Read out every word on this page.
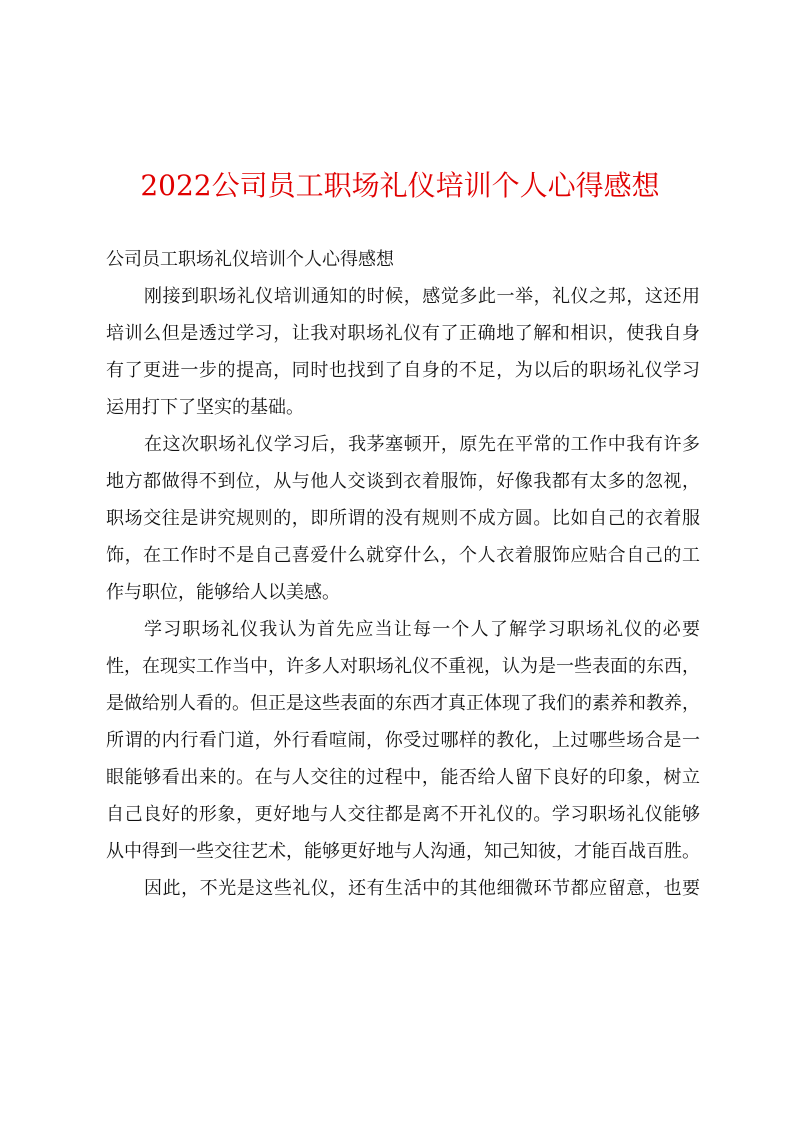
2022公司员工职场礼仪培训个人心得感想

公司员工职场礼仪培训个人心得感想

刚接到职场礼仪培训通知的时候，感觉多此一举，礼仪之邦，这还用
培训么但是透过学习，让我对职场礼仪有了正确地了解和相识，使我自身
有了更进一步的提高，同时也找到了自身的不足，为以后的职场礼仪学习
运用打下了坚实的基础。

在这次职场礼仪学习后，我茅塞顿开，原先在平常的工作中我有许多
地方都做得不到位，从与他人交谈到衣着服饰，好像我都有太多的忽视，
职场交往是讲究规则的，即所谓的没有规则不成方圆。比如自己的衣着服
饰，在工作时不是自己喜爱什么就穿什么，个人衣着服饰应贴合自己的工
作与职位，能够给人以美感。

学习职场礼仪我认为首先应当让每一个人了解学习职场礼仪的必要
性，在现实工作当中，许多人对职场礼仪不重视，认为是一些表面的东西，
是做给别人看的。但正是这些表面的东西才真正体现了我们的素养和教养，
所谓的内行看门道，外行看喧闹，你受过哪样的教化，上过哪些场合是一
眼能够看出来的。在与人交往的过程中，能否给人留下良好的印象，树立
自己良好的形象，更好地与人交往都是离不开礼仪的。学习职场礼仪能够
从中得到一些交往艺术，能够更好地与人沟通，知己知彼，才能百战百胜。

因此，不光是这些礼仪，还有生活中的其他细微环节都应留意，也要
